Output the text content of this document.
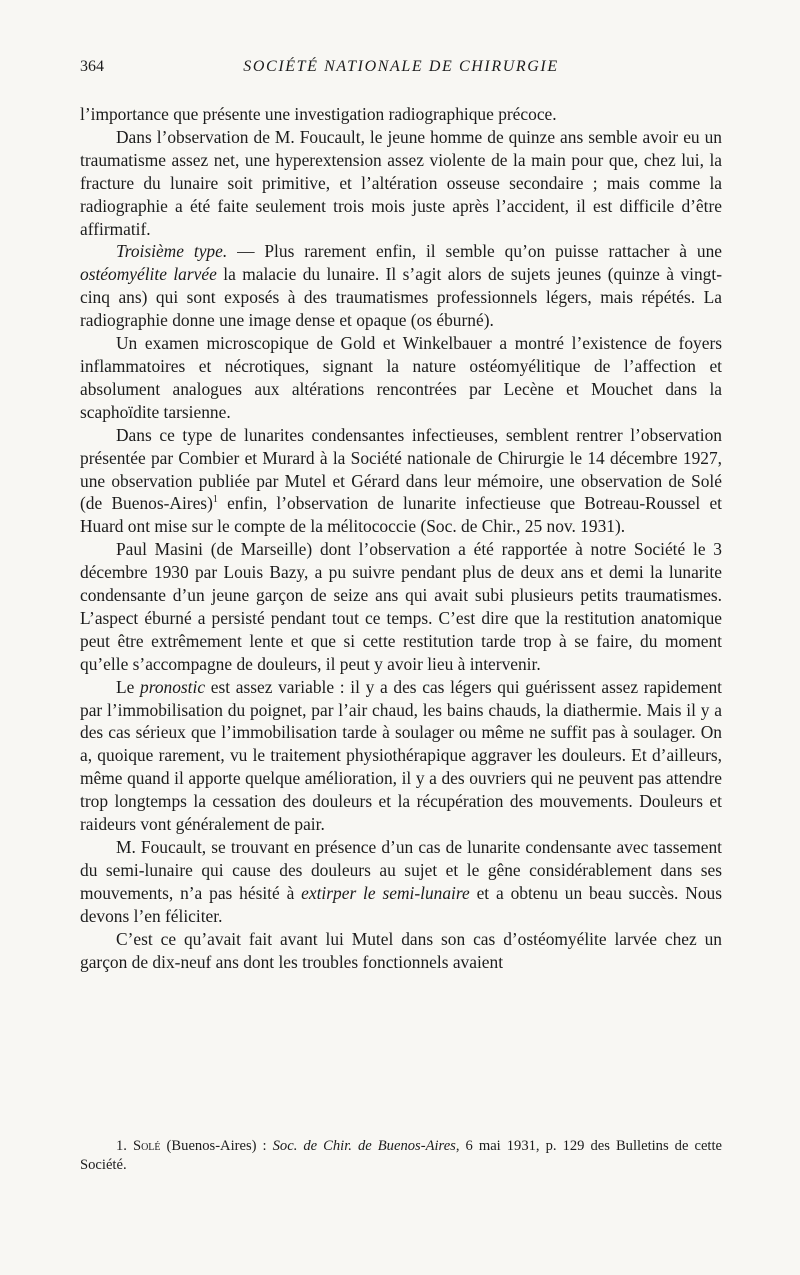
364	SOCIÉTÉ NATIONALE DE CHIRURGIE

l’importance que présente une investigation radiographique précoce.

Dans l’observation de M. Foucault, le jeune homme de quinze ans semble avoir eu un traumatisme assez net, une hyperextension assez violente de la main pour que, chez lui, la fracture du lunaire soit primitive, et l’altération osseuse secondaire ; mais comme la radiographie a été faite seulement trois mois juste après l’accident, il est difficile d’être affirmatif.

Troisième type. — Plus rarement enfin, il semble qu’on puisse rattacher à une ostéomyélite larvée la malacie du lunaire. Il s’agit alors de sujets jeunes (quinze à vingt-cinq ans) qui sont exposés à des traumatismes professionnels légers, mais répétés. La radiographie donne une image dense et opaque (os éburné).

Un examen microscopique de Gold et Winkelbauer a montré l’existence de foyers inflammatoires et nécrotiques, signant la nature ostéomyélitique de l’affection et absolument analogues aux altérations rencontrées par Lecène et Mouchet dans la scaphoïdite tarsienne.

Dans ce type de lunarites condensantes infectieuses, semblent rentrer l’observation présentée par Combier et Murard à la Société nationale de Chirurgie le 14 décembre 1927, une observation publiée par Mutel et Gérard dans leur mémoire, une observation de Solé (de Buenos-Aires)$^1$ enfin, l’observation de lunarite infectieuse que Botreau-Roussel et Huard ont mise sur le compte de la mélitococcie (Soc. de Chir., 25 nov. 1931).

Paul Masini (de Marseille) dont l’observation a été rapportée à notre Société le 3 décembre 1930 par Louis Bazy, a pu suivre pendant plus de deux ans et demi la lunarite condensante d’un jeune garçon de seize ans qui avait subi plusieurs petits traumatismes. L’aspect éburné a persisté pendant tout ce temps. C’est dire que la restitution anatomique peut être extrêmement lente et que si cette restitution tarde trop à se faire, du moment qu’elle s’accompagne de douleurs, il peut y avoir lieu à intervenir.

Le pronostic est assez variable : il y a des cas légers qui guérissent assez rapidement par l’immobilisation du poignet, par l’air chaud, les bains chauds, la diathermie. Mais il y a des cas sérieux que l’immobilisation tarde à soulager ou même ne suffit pas à soulager. On a, quoique rarement, vu le traitement physiothérapique aggraver les douleurs. Et d’ailleurs, même quand il apporte quelque amélioration, il y a des ouvriers qui ne peuvent pas attendre trop longtemps la cessation des douleurs et la récupération des mouvements. Douleurs et raideurs vont généralement de pair.

M. Foucault, se trouvant en présence d’un cas de lunarite condensante avec tassement du semi-lunaire qui cause des douleurs au sujet et le gêne considérablement dans ses mouvements, n’a pas hésité à extirper le semi-lunaire et a obtenu un beau succès. Nous devons l’en féliciter.

C’est ce qu’avait fait avant lui Mutel dans son cas d’ostéomyélite larvée chez un garçon de dix-neuf ans dont les troubles fonctionnels avaient

1. Solé (Buenos-Aires) : Soc. de Chir. de Buenos-Aires, 6 mai 1931, p. 129 des Bulletins de cette Société.
